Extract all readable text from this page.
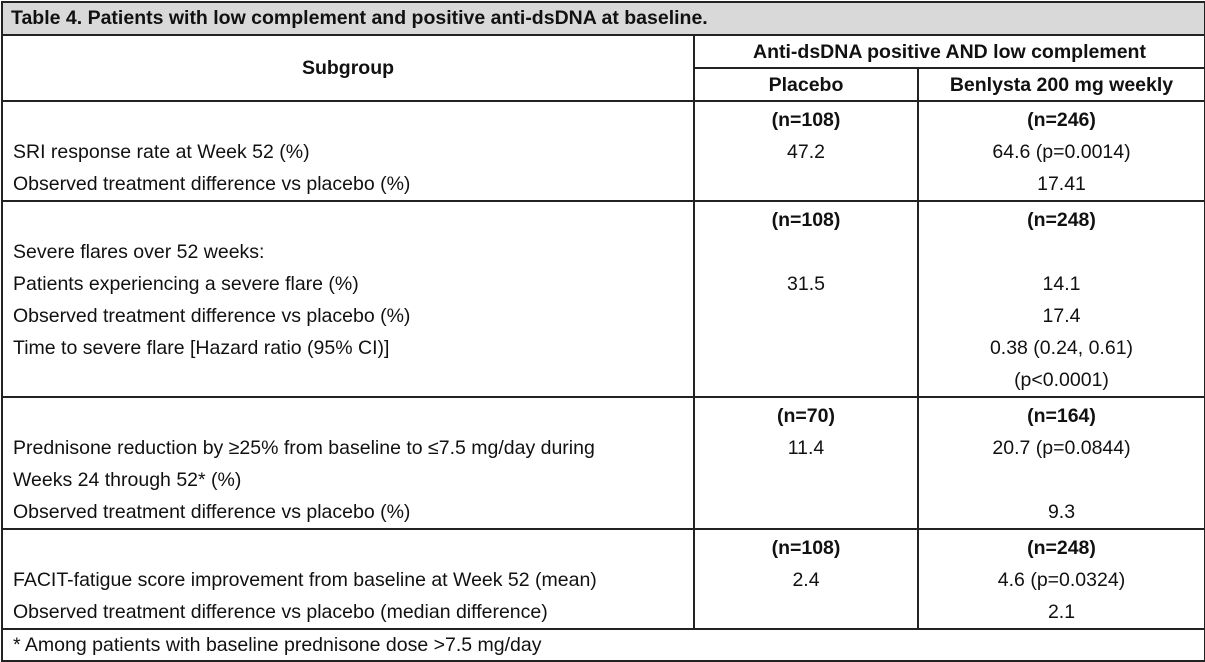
Table 4. Patients with low complement and positive anti-dsDNA at baseline.		
Subgroup	Anti-dsDNA positive AND low complement	
	Placebo	Benlysta 200 mg weekly

	(n=108)	(n=246)

SRI response rate at Week 52 (%)	47.2	64.6 (p=0.0014)

Observed treatment difference vs placebo (%)		17.41

	(n=108)	(n=248)

Severe flares over 52 weeks:		

Patients experiencing a severe flare (%)	31.5	14.1

Observed treatment difference vs placebo (%)		17.4

Time to severe flare [Hazard ratio (95% CI)]		0.38 (0.24, 0.61)
(p<0.0001)

	(n=70)	(n=164)

Prednisone reduction by ≥25% from baseline to ≤7.5 mg/day during
Weeks 24 through 52* (%)	11.4	20.7 (p=0.0844)

Observed treatment difference vs placebo (%)		9.3

	(n=108)	(n=248)

FACIT-fatigue score improvement from baseline at Week 52 (mean)	2.4	4.6 (p=0.0324)

Observed treatment difference vs placebo (median difference)		2.1

* Among patients with baseline prednisone dose >7.5 mg/day		
